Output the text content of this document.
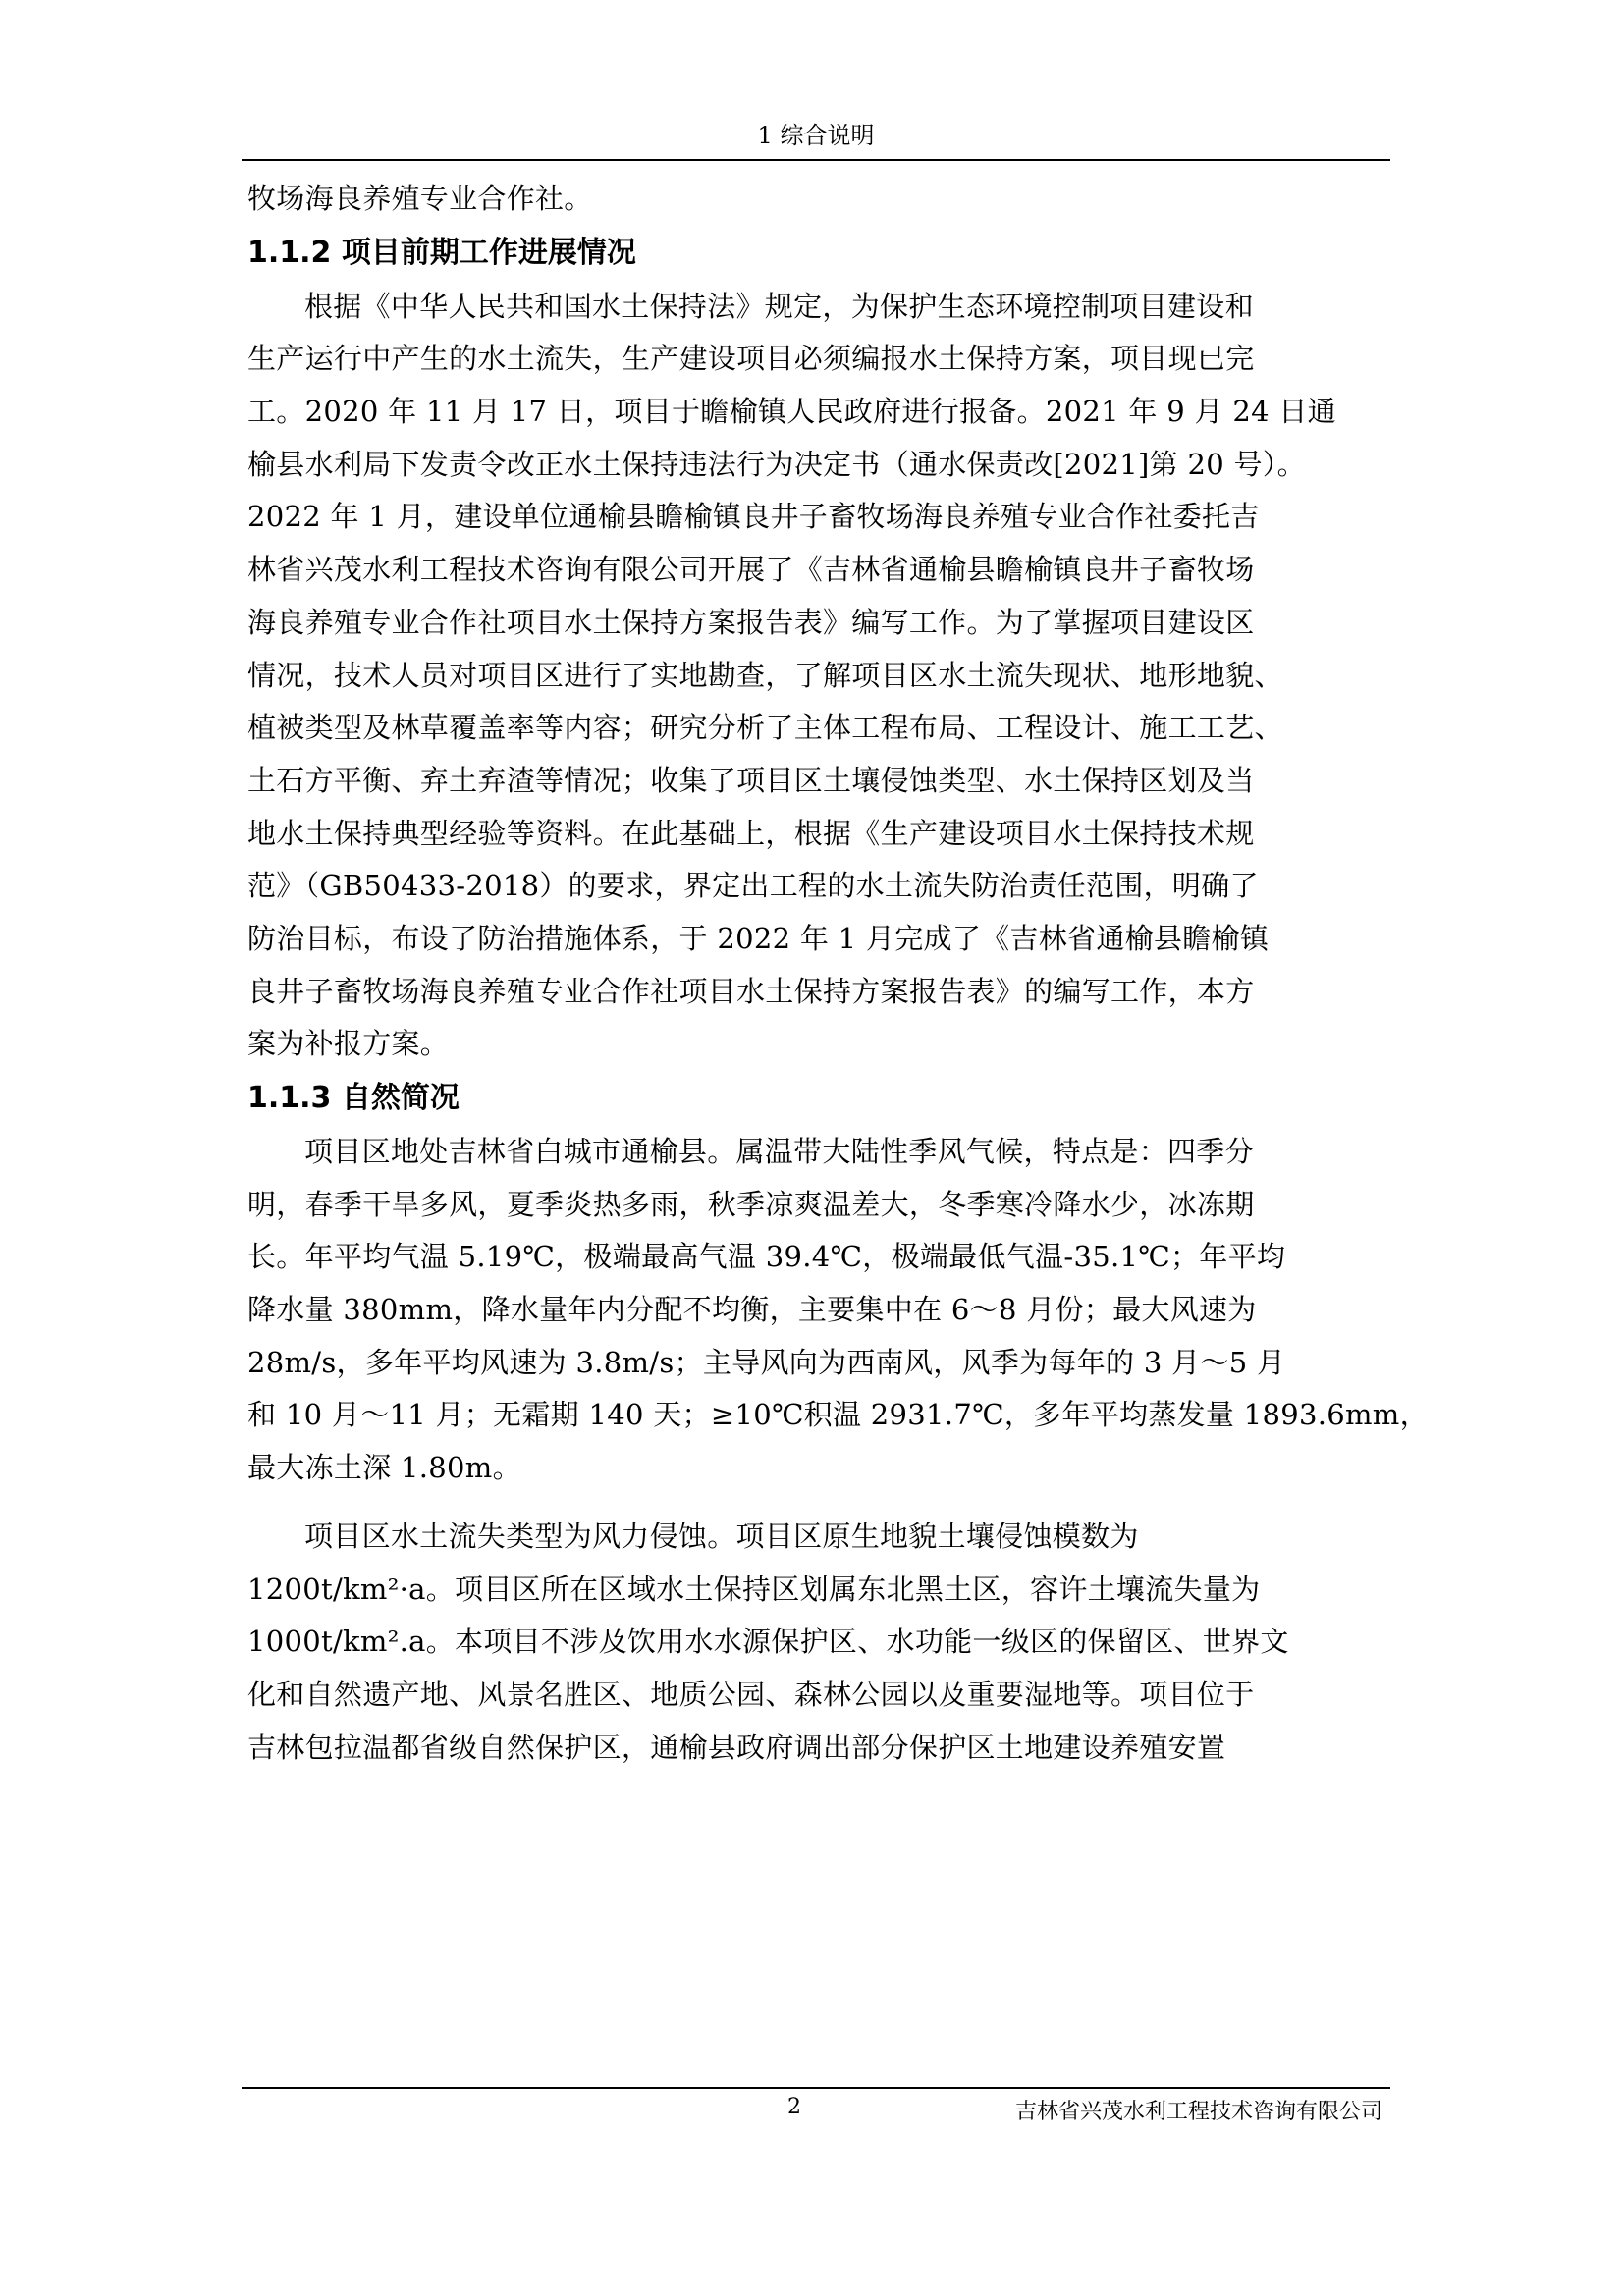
1 综合说明
牧场海良养殖专业合作社。
1.1.2 项目前期工作进展情况
根据《中华人民共和国水土保持法》规定，为保护生态环境控制项目建设和
生产运行中产生的水土流失，生产建设项目必须编报水土保持方案，项目现已完
工。2020 年 11 月 17 日，项目于瞻榆镇人民政府进行报备。2021 年 9 月 24 日通
榆县水利局下发责令改正水土保持违法行为决定书（通水保责改[2021]第 20 号）。
2022 年 1 月，建设单位通榆县瞻榆镇良井子畜牧场海良养殖专业合作社委托吉
林省兴茂水利工程技术咨询有限公司开展了《吉林省通榆县瞻榆镇良井子畜牧场
海良养殖专业合作社项目水土保持方案报告表》编写工作。为了掌握项目建设区
情况，技术人员对项目区进行了实地勘查，了解项目区水土流失现状、地形地貌、
植被类型及林草覆盖率等内容；研究分析了主体工程布局、工程设计、施工工艺、
土石方平衡、弃土弃渣等情况；收集了项目区土壤侵蚀类型、水土保持区划及当
地水土保持典型经验等资料。在此基础上，根据《生产建设项目水土保持技术规
范》（GB50433-2018）的要求，界定出工程的水土流失防治责任范围，明确了
防治目标，布设了防治措施体系，于 2022 年 1 月完成了《吉林省通榆县瞻榆镇
良井子畜牧场海良养殖专业合作社项目水土保持方案报告表》的编写工作，本方
案为补报方案。
1.1.3 自然简况
项目区地处吉林省白城市通榆县。属温带大陆性季风气候，特点是：四季分
明，春季干旱多风，夏季炎热多雨，秋季凉爽温差大，冬季寒冷降水少，冰冻期
长。年平均气温 5.19℃，极端最高气温 39.4℃，极端最低气温-35.1℃；年平均
降水量 380mm，降水量年内分配不均衡，主要集中在 6～8 月份；最大风速为
28m/s，多年平均风速为 3.8m/s；主导风向为西南风，风季为每年的 3 月～5 月
和 10 月～11 月；无霜期 140 天；≥10℃积温 2931.7℃，多年平均蒸发量 1893.6mm，
最大冻土深 1.80m。
项目区水土流失类型为风力侵蚀。项目区原生地貌土壤侵蚀模数为
1200t/km²·a。项目区所在区域水土保持区划属东北黑土区，容许土壤流失量为
1000t/km².a。本项目不涉及饮用水水源保护区、水功能一级区的保留区、世界文
化和自然遗产地、风景名胜区、地质公园、森林公园以及重要湿地等。项目位于
吉林包拉温都省级自然保护区，通榆县政府调出部分保护区土地建设养殖安置
2	吉林省兴茂水利工程技术咨询有限公司
